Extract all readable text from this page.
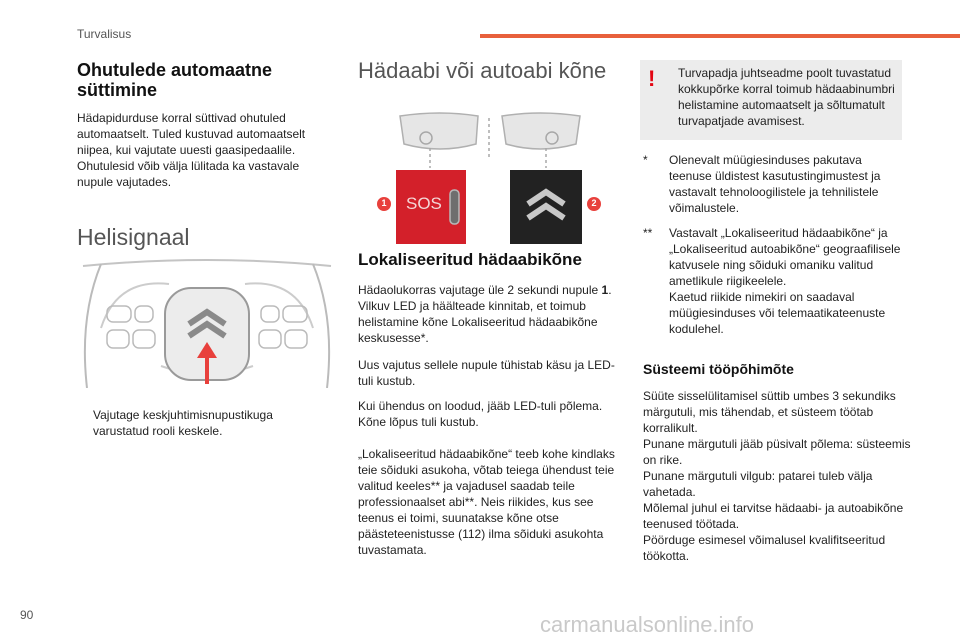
Turvalisus
Ohutulede automaatne süttimine
Hädapidurduse korral süttivad ohutuled automaatselt. Tuled kustuvad automaatselt niipea, kui vajutate uuesti gaasipedaalile. Ohutulesid võib välja lülitada ka vastavale nupule vajutades.
Helisignaal
Vajutage keskjuhtimisnupustikuga varustatud rooli keskele.
Hädaabi või autoabi kõne
SOS
1	2
Lokaliseeritud hädaabikõne
Hädaolukorras vajutage üle 2 sekundi nupule 1. Vilkuv LED ja häälteade kinnitab, et toimub helistamine kõne Lokaliseeritud hädaabikõne keskusesse*.
Uus vajutus sellele nupule tühistab käsu ja LED-tuli kustub.
Kui ühendus on loodud, jääb LED-tuli põlema. Kõne lõpus tuli kustub.
„Lokaliseeritud hädaabikõne“ teeb kohe kindlaks teie sõiduki asukoha, võtab teiega ühendust teie valitud keeles** ja vajadusel saadab teile professionaalset abi**. Neis riikides, kus see teenus ei toimi, suunatakse kõne otse päästeteenistusse (112) ilma sõiduki asukohta tuvastamata.
! Turvapadja juhtseadme poolt tuvastatud kokkupõrke korral toimub hädaabinumbri helistamine automaatselt ja sõltumatult turvapatjade avamisest.
* Olenevalt müügiesinduses pakutava teenuse üldistest kasutustingimustest ja vastavalt tehnoloogilistele ja tehnilistele võimalustele.
** Vastavalt „Lokaliseeritud hädaabikõne“ ja „Lokaliseeritud autoabikõne“ geograafilisele katvusele ning sõiduki omaniku valitud ametlikule riigikeelele.
Kaetud riikide nimekiri on saadaval müügiesinduses või telemaatikateenuste kodulehel.
Süsteemi tööpõhimõte

Süüte sisselülitamisel süttib umbes 3 sekundiks märgutuli, mis tähendab, et süsteem töötab korralikult.

Punane märgutuli jääb püsivalt põlema: süsteemis on rike.

Punane märgutuli vilgub: patarei tuleb välja vahetada.

Mõlemal juhul ei tarvitse hädaabi- ja autoabikõne teenused töötada.

Pöörduge esimesel võimalusel kvalifitseeritud töökotta.

90	carmanualsonline.info
